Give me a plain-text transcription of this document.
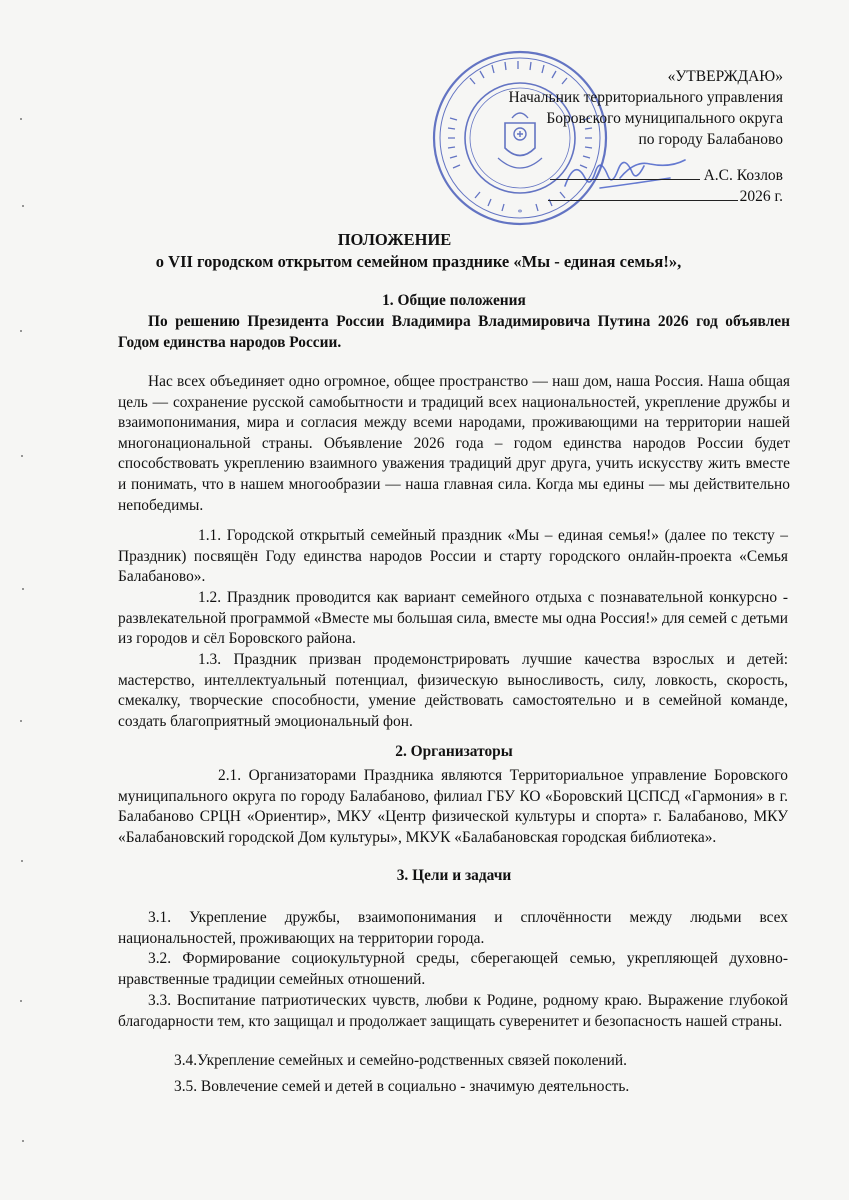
*
«УТВЕРЖДАЮ»
Начальник территориального управления
Боровского муниципального округа
по городу Балабаново
А.С. Козлов
2026 г.
ПОЛОЖЕНИЕ
о VII городском открытом семейном празднике «Мы - единая семья!»,
1. Общие положения
По решению Президента России Владимира Владимировича Путина 2026 год объявлен Годом единства народов России.
Нас всех объединяет одно огромное, общее пространство — наш дом, наша Россия. Наша общая цель — сохранение русской самобытности и традиций всех национальностей, укрепление дружбы и взаимопонимания, мира и согласия между всеми народами, проживающими на территории нашей многонациональной страны. Объявление 2026 года – годом единства народов России будет способствовать укреплению взаимного уважения традиций друг друга, учить искусству жить вместе и понимать, что в нашем многообразии — наша главная сила. Когда мы едины — мы действительно непобедимы.
1.1. Городской открытый семейный праздник «Мы – единая семья!» (далее по тексту – Праздник) посвящён Году единства народов России и старту городского онлайн-проекта «Семья Балабаново».
1.2. Праздник проводится как вариант семейного отдыха с познавательной конкурсно - развлекательной программой «Вместе мы большая сила, вместе мы одна Россия!» для семей с детьми из городов и сёл Боровского района.
1.3. Праздник призван продемонстрировать лучшие качества взрослых и детей: мастерство, интеллектуальный потенциал, физическую выносливость, силу, ловкость, скорость, смекалку, творческие способности, умение действовать самостоятельно и в семейной команде, создать благоприятный эмоциональный фон.
2. Организаторы
2.1. Организаторами Праздника являются Территориальное управление Боровского муниципального округа по городу Балабаново, филиал ГБУ КО «Боровский ЦСПСД «Гармония» в г. Балабаново СРЦН «Ориентир», МКУ «Центр физической культуры и спорта» г. Балабаново, МКУ «Балабановский городской Дом культуры», МКУК «Балабановская городская библиотека».
3. Цели и задачи
3.1. Укрепление дружбы, взаимопонимания и сплочённости между людьми всех национальностей, проживающих на территории города.
3.2. Формирование социокультурной среды, сберегающей семью, укрепляющей духовно-нравственные традиции семейных отношений.
3.3. Воспитание патриотических чувств, любви к Родине, родному краю. Выражение глубокой благодарности тем, кто защищал и продолжает защищать суверенитет и безопасность нашей страны.
3.4.Укрепление семейных и семейно-родственных связей поколений.
3.5. Вовлечение семей и детей в социально - значимую деятельность.
